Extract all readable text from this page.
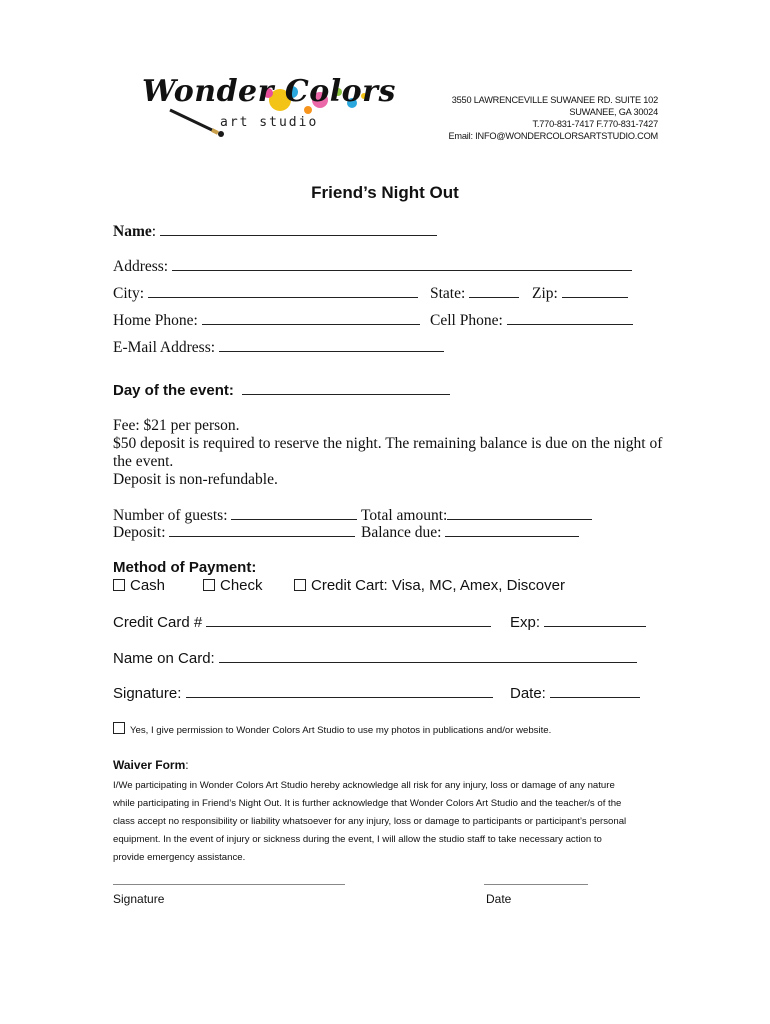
Wonder Colors
art studio
3550 LAWRENCEVILLE SUWANEE RD. SUITE 102
SUWANEE, GA 30024
T.770-831-7417 F.770-831-7427
Email: INFO@WONDERCOLORSARTSTUDIO.COM
Friend’s Night Out
Name:
Address:
City:	State:	Zip:
Home Phone:	Cell Phone:
E-Mail Address:
Day of the event:
Fee: $21 per person.
$50 deposit is required to reserve the night. The remaining balance is due on the night of
the event.
Deposit is non-refundable.
Number of guests:	Total amount:
Deposit:	Balance due:
Method of Payment:
Cash	Check	Credit Cart: Visa, MC, Amex, Discover
Credit Card #	Exp:
Name on Card:
Signature:	Date:
Yes, I give permission to Wonder Colors Art Studio to use my photos in publications and/or website.
Waiver Form:

I/We participating in Wonder Colors Art Studio hereby acknowledge all risk for any injury, loss or damage of any nature

while participating in Friend’s Night Out. It is further acknowledge that Wonder Colors Art Studio and the teacher/s of the

class accept no responsibility or liability whatsoever for any injury, loss or damage to participants or participant’s personal

equipment. In the event of injury or sickness during the event, I will allow the studio staff to take necessary action to

provide emergency assistance.

Signature	Date
